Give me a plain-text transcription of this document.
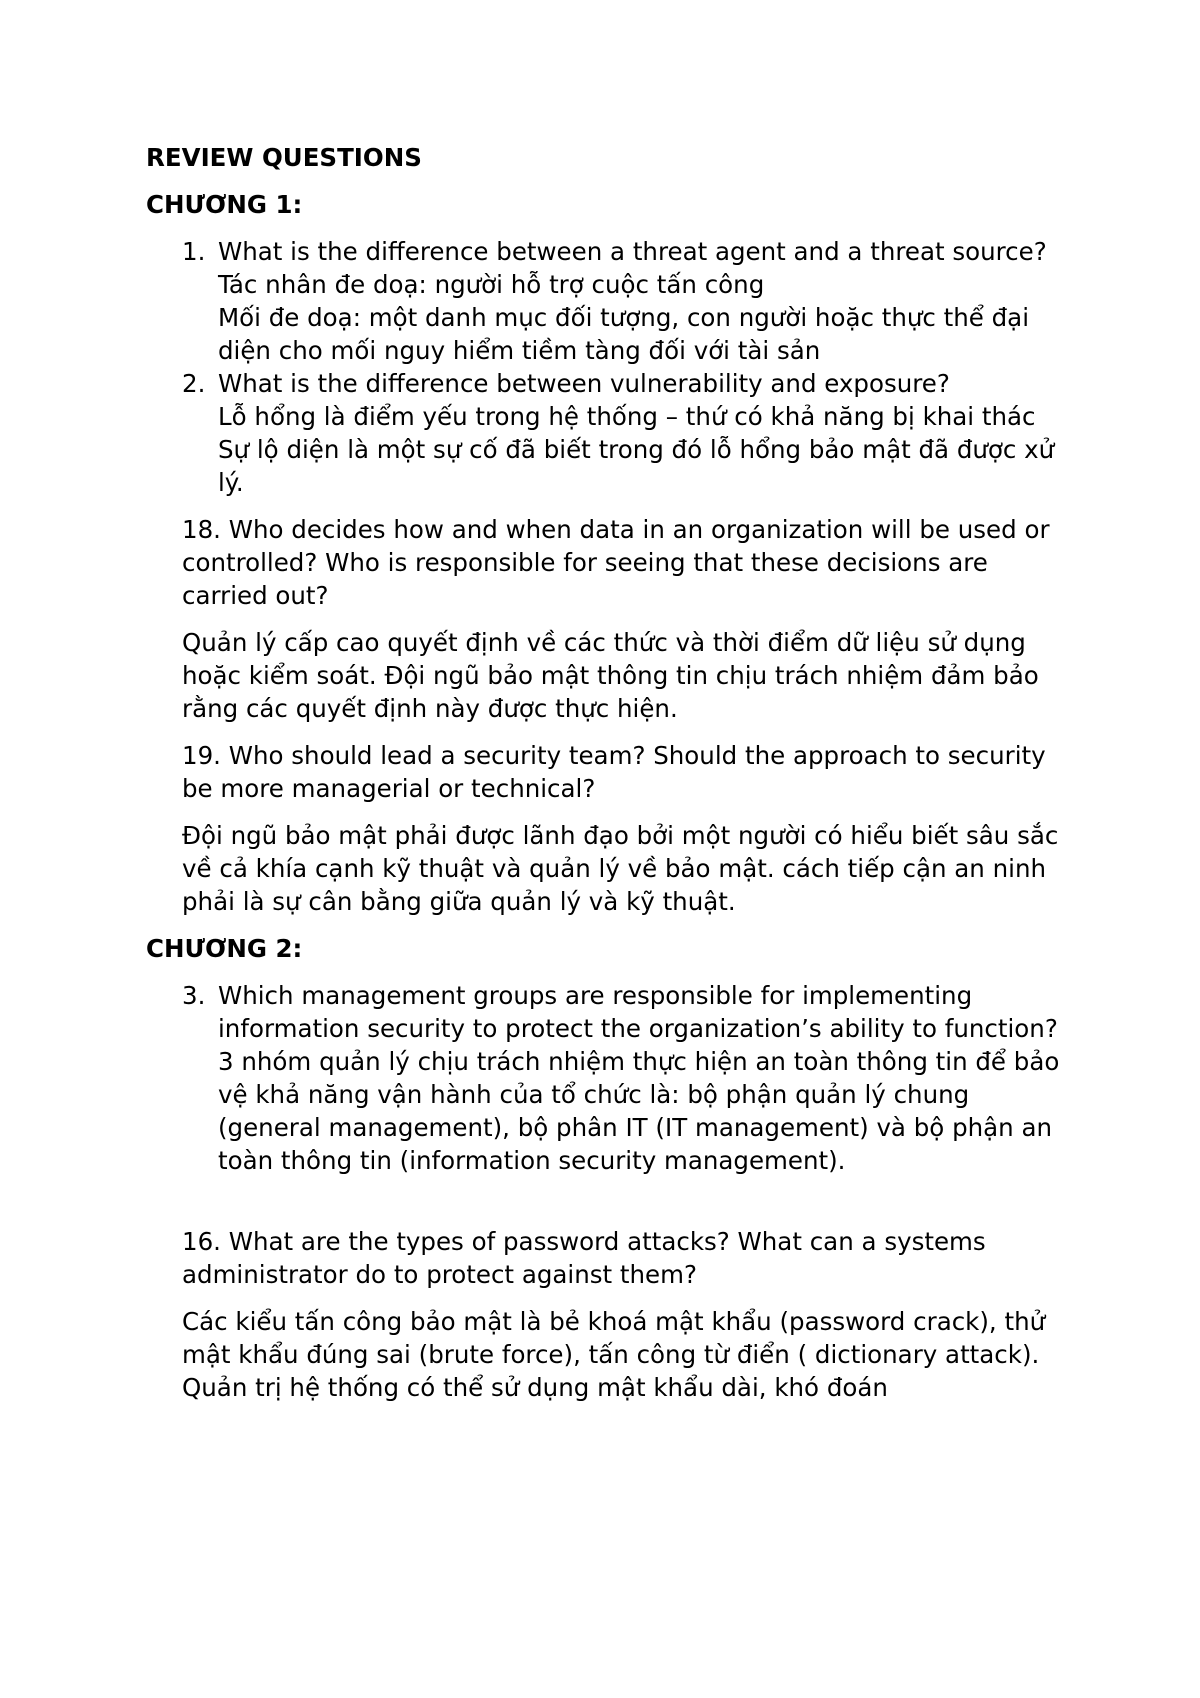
REVIEW QUESTIONS
CHƯƠNG 1:
1. What is the difference between a threat agent and a threat source?

Tác nhân đe doạ: người hỗ trợ cuộc tấn công

Mối đe doạ: một danh mục đối tượng, con người hoặc thực thể đại diện cho mối nguy hiểm tiềm tàng đối với tài sản

2. What is the difference between vulnerability and exposure?

Lỗ hổng là điểm yếu trong hệ thống – thứ có khả năng bị khai thác

Sự lộ diện là một sự cố đã biết trong đó lỗ hổng bảo mật đã được xử lý.

18. Who decides how and when data in an organization will be used or controlled? Who is responsible for seeing that these decisions are carried out?

Quản lý cấp cao quyết định về các thức và thời điểm dữ liệu sử dụng hoặc kiểm soát. Đội ngũ bảo mật thông tin chịu trách nhiệm đảm bảo rằng các quyết định này được thực hiện.

19. Who should lead a security team? Should the approach to security be more managerial or technical?

Đội ngũ bảo mật phải được lãnh đạo bởi một người có hiểu biết sâu sắc về cả khía cạnh kỹ thuật và quản lý về bảo mật. cách tiếp cận an ninh phải là sự cân bằng giữa quản lý và kỹ thuật.

CHƯƠNG 2:
3. Which management groups are responsible for implementing information security to protect the organization’s ability to function?

3 nhóm quản lý chịu trách nhiệm thực hiện an toàn thông tin để bảo vệ khả năng vận hành của tổ chức là: bộ phận quản lý chung (general management), bộ phân IT (IT management) và bộ phận an toàn thông tin (information security management).

16. What are the types of password attacks? What can a systems administrator do to protect against them?

Các kiểu tấn công bảo mật là bẻ khoá mật khẩu (password crack), thử mật khẩu đúng sai (brute force), tấn công từ điển ( dictionary attack). Quản trị hệ thống có thể sử dụng mật khẩu dài, khó đoán
